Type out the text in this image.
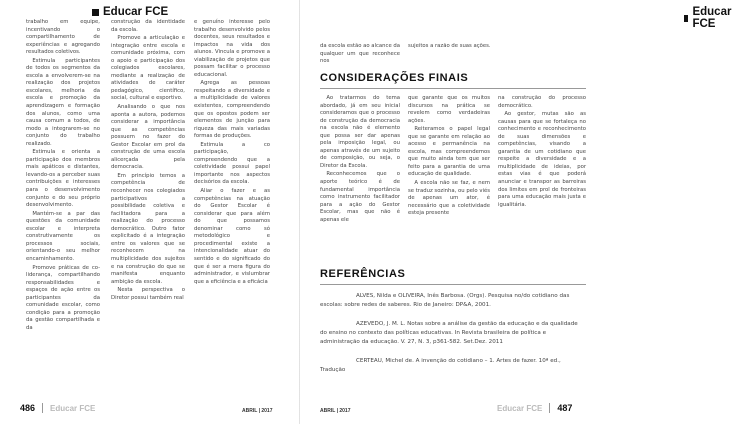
Educar FCE

trabalho em equipe, incentivando o compartilhamento de experiências e agregando resultados coletivos.

Estimula participantes de todos os segmentos da escola a envolverem-se na realização dos projetos escolares, melhoria da escola e promoção da aprendizagem e formação dos alunos, como uma causa comum a todos, de modo a integrarem-se no conjunto do trabalho realizado.

Estimula e orienta a participação dos membros mais apáticos e distantes, levando-os a perceber suas contribuições e interesses para o desenvolvimento conjunto e do seu próprio desenvolvimento.

Mantém-se a par das questões da comunidade escolar e interpreta construtivamente os processos sociais, orientando-o seu melhor encaminhamento.

Promove práticas de co-liderança, compartilhando responsabilidades e espaços de ação entre os participantes da comunidade escolar, como condição para a promoção da gestão compartilhada e da

construção da identidade da escola.

Promove a articulação e integração entre escola e comunidade próxima, com o apoio e participação dos colegiados escolares, mediante a realização de atividades de caráter pedagógico, científico, social, cultural e esportivo.

Analisando o que nos aponta a autora, podemos considerar a importância que as competências possuem no fazer do Gestor Escolar em prol da construção de uma escola alicerçada pela democracia.

Em princípio temos a competência de reconhecer nos colegiados participativos a possibilidade coletiva e facilitadora para a realização do processo democrático. Outro fator explicitado é a integração entre os valores que se reconhecem na multiplicidade dos sujeitos e na construção do que se manifesta enquanto ambição da escola.

Nesta perspectiva o Diretor possui também real

e genuíno interesse pelo trabalho desenvolvido pelos docentes, seus resultados e impactos na vida dos alunos. Vincula e promove a viabilização de projetos que possam facilitar o processo educacional.

Agrega as pessoas respeitando a diversidade e a multiplicidade de valores existentes, compreendendo que os opostos podem ser elementos de junção para riqueza das mais variadas formas de produções.

Estimula a co participação, compreendendo que a coletividade possui papel importante nos aspectos decisórios da escola.

Aliar o fazer e as competências na atuação do Gestor Escolar é considerar que para além do que possamos denominar como só metodológico e procedimental existe a intencionalidade atuar do sentido e do significado do que é ser a mera figura do administrador, e vislumbrar que a eficiência e a eficácia

486 Educar FCE	ABRIL | 2017
Educar FCE

da escola estão ao alcance da qualquer um que reconhece nos

sujeitos a razão de suas ações.

CONSIDERAÇÕES FINAIS

Ao tratarmos do tema abordado, já em seu inicial consideramos que o processo de construção da democracia na escola não é elemento que possa ser dar apenas pela imposição legal, ou apenas através de um sujeito de composição, ou seja, o Diretor da Escola.

Reconhecemos que o aporte teórico é de fundamental importância como instrumento facilitador para a ação do Gestor Escolar, mas que não é apenas ele

que garante que os muitos discursos na prática se revelem como verdadeiras ações.

Reiteramos o papel legal que se garante em relação ao acesso e permanência na escola, mas compreendemos que muito ainda tem que ser feito para a garantia de uma educação de qualidade.

A escola não se faz, e nem se traduz sozinha, ou pelo viés de apenas um ator, é necessário que a coletividade esteja presente

na construção do processo democrático.

Ao gestor, mutas são as causas para que se fortaleça no conhecimento e reconhecimento de suas dimensões e competências, visando a garantia de um cotidiano que respeite a diversidade e a multiplicidade de ideias, por estas vias é que poderá anunciar e transpor as barreiras dos limites em prol de fronteiras para uma educação mais justa e igualitária.

REFERÊNCIAS

ALVES, Nilda e OLIVEIRA, Inês Barbosa. (Orgs). Pesquisa no/do cotidiano das escolas: sobre redes de saberes. Rio de Janeiro: DP&A, 2001.

AZEVEDO, J. M. L. Notas sobre a análise da gestão da educação e da qualidade do ensino no contexto das políticas educativas. In Revista brasileira de política e administração da educação. V. 27, N. 3, p361-582. Set.Dez. 2011

CERTEAU, Michel de. A invenção do cotidiano – 1. Artes de fazer. 10ª ed., Tradução

ABRIL | 2017	Educar FCE 487
